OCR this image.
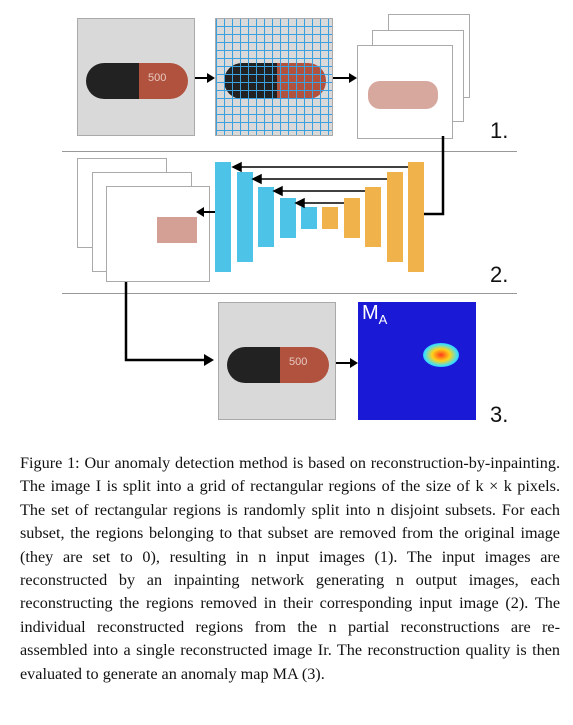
500
1.
2.
500
$M_A$
3.

Figure 1: Our anomaly detection method is based on reconstruction-by-inpainting. The image I is split into a grid of rectangular regions of the size of k × k pixels. The set of rectangular regions is randomly split into n disjoint subsets. For each subset, the regions belonging to that subset are removed from the original image (they are set to 0), resulting in n input images (1). The input images are reconstructed by an inpainting network generating n output images, each reconstructing the regions removed in their corresponding input image (2). The individual reconstructed regions from the n partial reconstructions are re-assembled into a single reconstructed image Ir. The reconstruction quality is then evaluated to generate an anomaly map MA (3).
